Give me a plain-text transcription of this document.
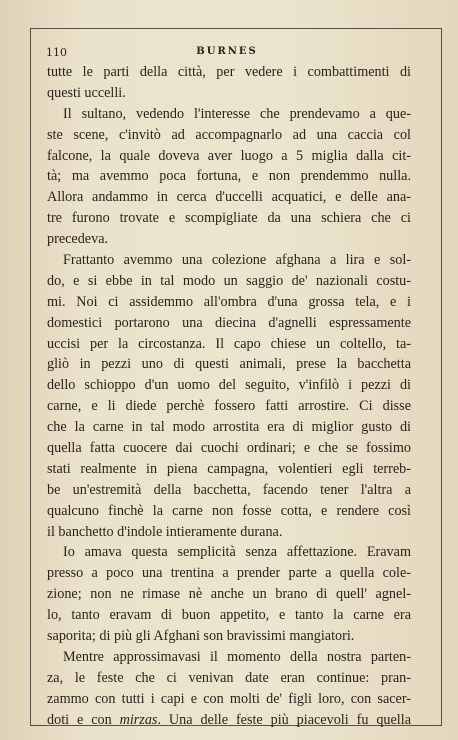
110	BURNES
tutte le parti della città, per vedere i combattimenti di
questi uccelli.
Il sultano, vedendo l'interesse che prendevamo a que-
ste scene, c'invitò ad accompagnarlo ad una caccia col
falcone, la quale doveva aver luogo a 5 miglia dalla cit-
tà; ma avemmo poca fortuna, e non prendemmo nulla.
Allora andammo in cerca d'uccelli acquatici, e delle ana-
tre furono trovate e scompigliate da una schiera che ci
precedeva.
Frattanto avemmo una colezione afghana a lira e sol-
do, e si ebbe in tal modo un saggio de' nazionali costu-
mi. Noi ci assidemmo all'ombra d'una grossa tela, e i
domestici portarono una diecina d'agnelli espressamente
uccisi per la circostanza. Il capo chiese un coltello, ta-
gliò in pezzi uno di questi animali, prese la bacchetta
dello schioppo d'un uomo del seguito, v'infilò i pezzi di
carne, e li diede perchè fossero fatti arrostire. Ci disse
che la carne in tal modo arrostita era di miglior gusto di
quella fatta cuocere dai cuochi ordinari; e che se fossimo
stati realmente in piena campagna, volentieri egli terreb-
be un'estremità della bacchetta, facendo tener l'altra a
qualcuno finchè la carne non fosse cotta, e rendere così
il banchetto d'indole intieramente durana.
Io amava questa semplicità senza affettazione. Eravam
presso a poco una trentina a prender parte a quella cole-
zione; non ne rimase nè anche un brano di quell' agnel-
lo, tanto eravam di buon appetito, e tanto la carne era
saporita; di più gli Afghani son bravissimi mangiatori.
Mentre approssimavasi il momento della nostra parten-
za, le feste che ci venivan date eran continue: pran-
zammo con tutti i capi e con molti de' figli loro, con sacer-
doti e con mirzas. Una delle feste più piacevoli fu quella
